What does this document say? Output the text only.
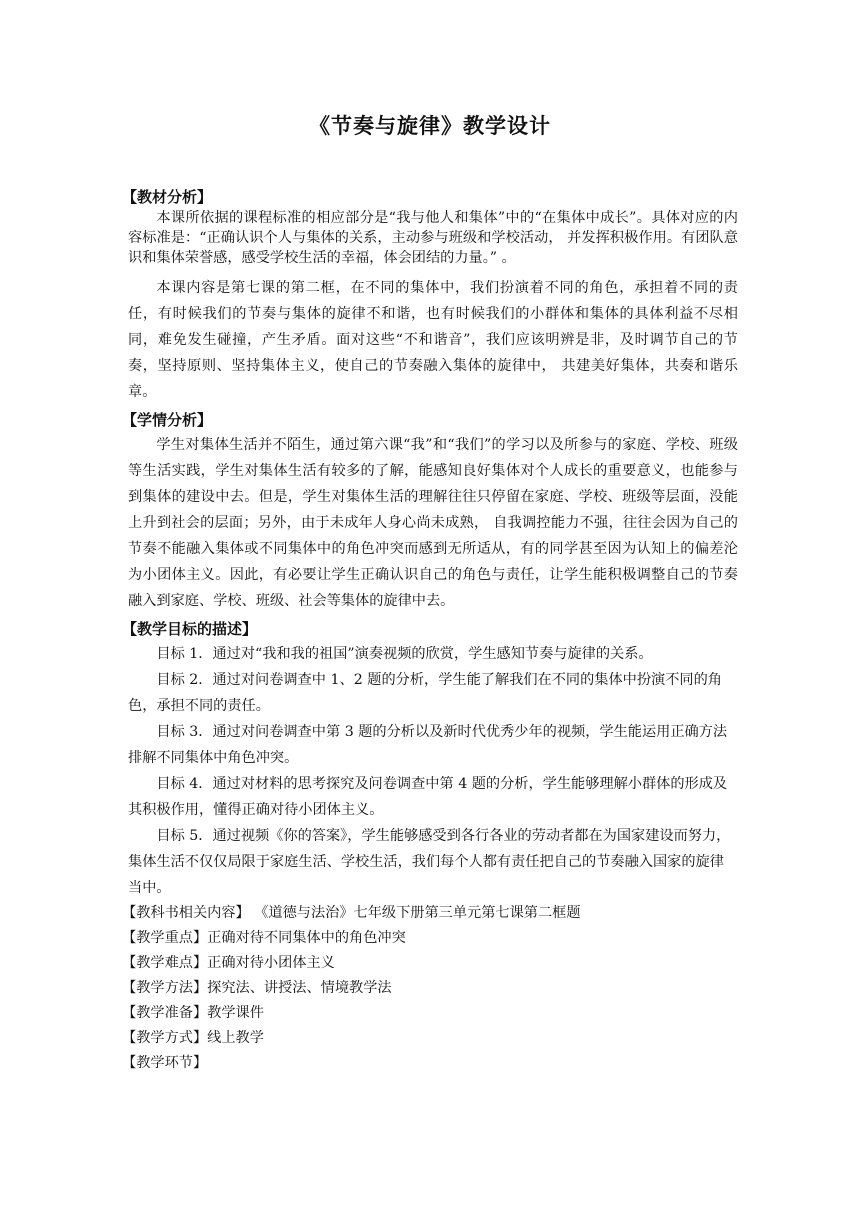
《节奏与旋律》教学设计
【教材分析】
本课所依据的课程标准的相应部分是“我与他人和集体”中的“在集体中成长”。具体对应的内容标准是：“正确认识个人与集体的关系，主动参与班级和学校活动， 并发挥积极作用。有团队意识和集体荣誉感，感受学校生活的幸福，体会团结的力量。” 。
本课内容是第七课的第二框，在不同的集体中，我们扮演着不同的角色，承担着不同的责任，有时候我们的节奏与集体的旋律不和谐，也有时候我们的小群体和集体的具体利益不尽相同，难免发生碰撞，产生矛盾。面对这些“不和谐音”，我们应该明辨是非，及时调节自己的节奏，坚持原则、坚持集体主义，使自己的节奏融入集体的旋律中， 共建美好集体，共奏和谐乐章。
【学情分析】
学生对集体生活并不陌生，通过第六课“我”和“我们”的学习以及所参与的家庭、学校、班级等生活实践，学生对集体生活有较多的了解，能感知良好集体对个人成长的重要意义，也能参与到集体的建设中去。但是，学生对集体生活的理解往往只停留在家庭、学校、班级等层面，没能上升到社会的层面；另外，由于未成年人身心尚未成熟， 自我调控能力不强，往往会因为自己的节奏不能融入集体或不同集体中的角色冲突而感到无所适从，有的同学甚至因为认知上的偏差沦为小团体主义。因此，有必要让学生正确认识自己的角色与责任，让学生能积极调整自己的节奏融入到家庭、学校、班级、社会等集体的旋律中去。
【教学目标的描述】
目标 1．通过对“我和我的祖国”演奏视频的欣赏，学生感知节奏与旋律的关系。
目标 2．通过对问卷调查中 1、2 题的分析，学生能了解我们在不同的集体中扮演不同的角色，承担不同的责任。
目标 3．通过对问卷调查中第 3 题的分析以及新时代优秀少年的视频，学生能运用正确方法排解不同集体中角色冲突。
目标 4．通过对材料的思考探究及问卷调查中第 4 题的分析，学生能够理解小群体的形成及其积极作用，懂得正确对待小团体主义。
目标 5．通过视频《你的答案》，学生能够感受到各行各业的劳动者都在为国家建设而努力，集体生活不仅仅局限于家庭生活、学校生活，我们每个人都有责任把自己的节奏融入国家的旋律当中。
【教科书相关内容】 《道德与法治》七年级下册第三单元第七课第二框题
【教学重点】正确对待不同集体中的角色冲突
【教学难点】正确对待小团体主义
【教学方法】探究法、讲授法、情境教学法
【教学准备】教学课件
【教学方式】线上教学
【教学环节】
